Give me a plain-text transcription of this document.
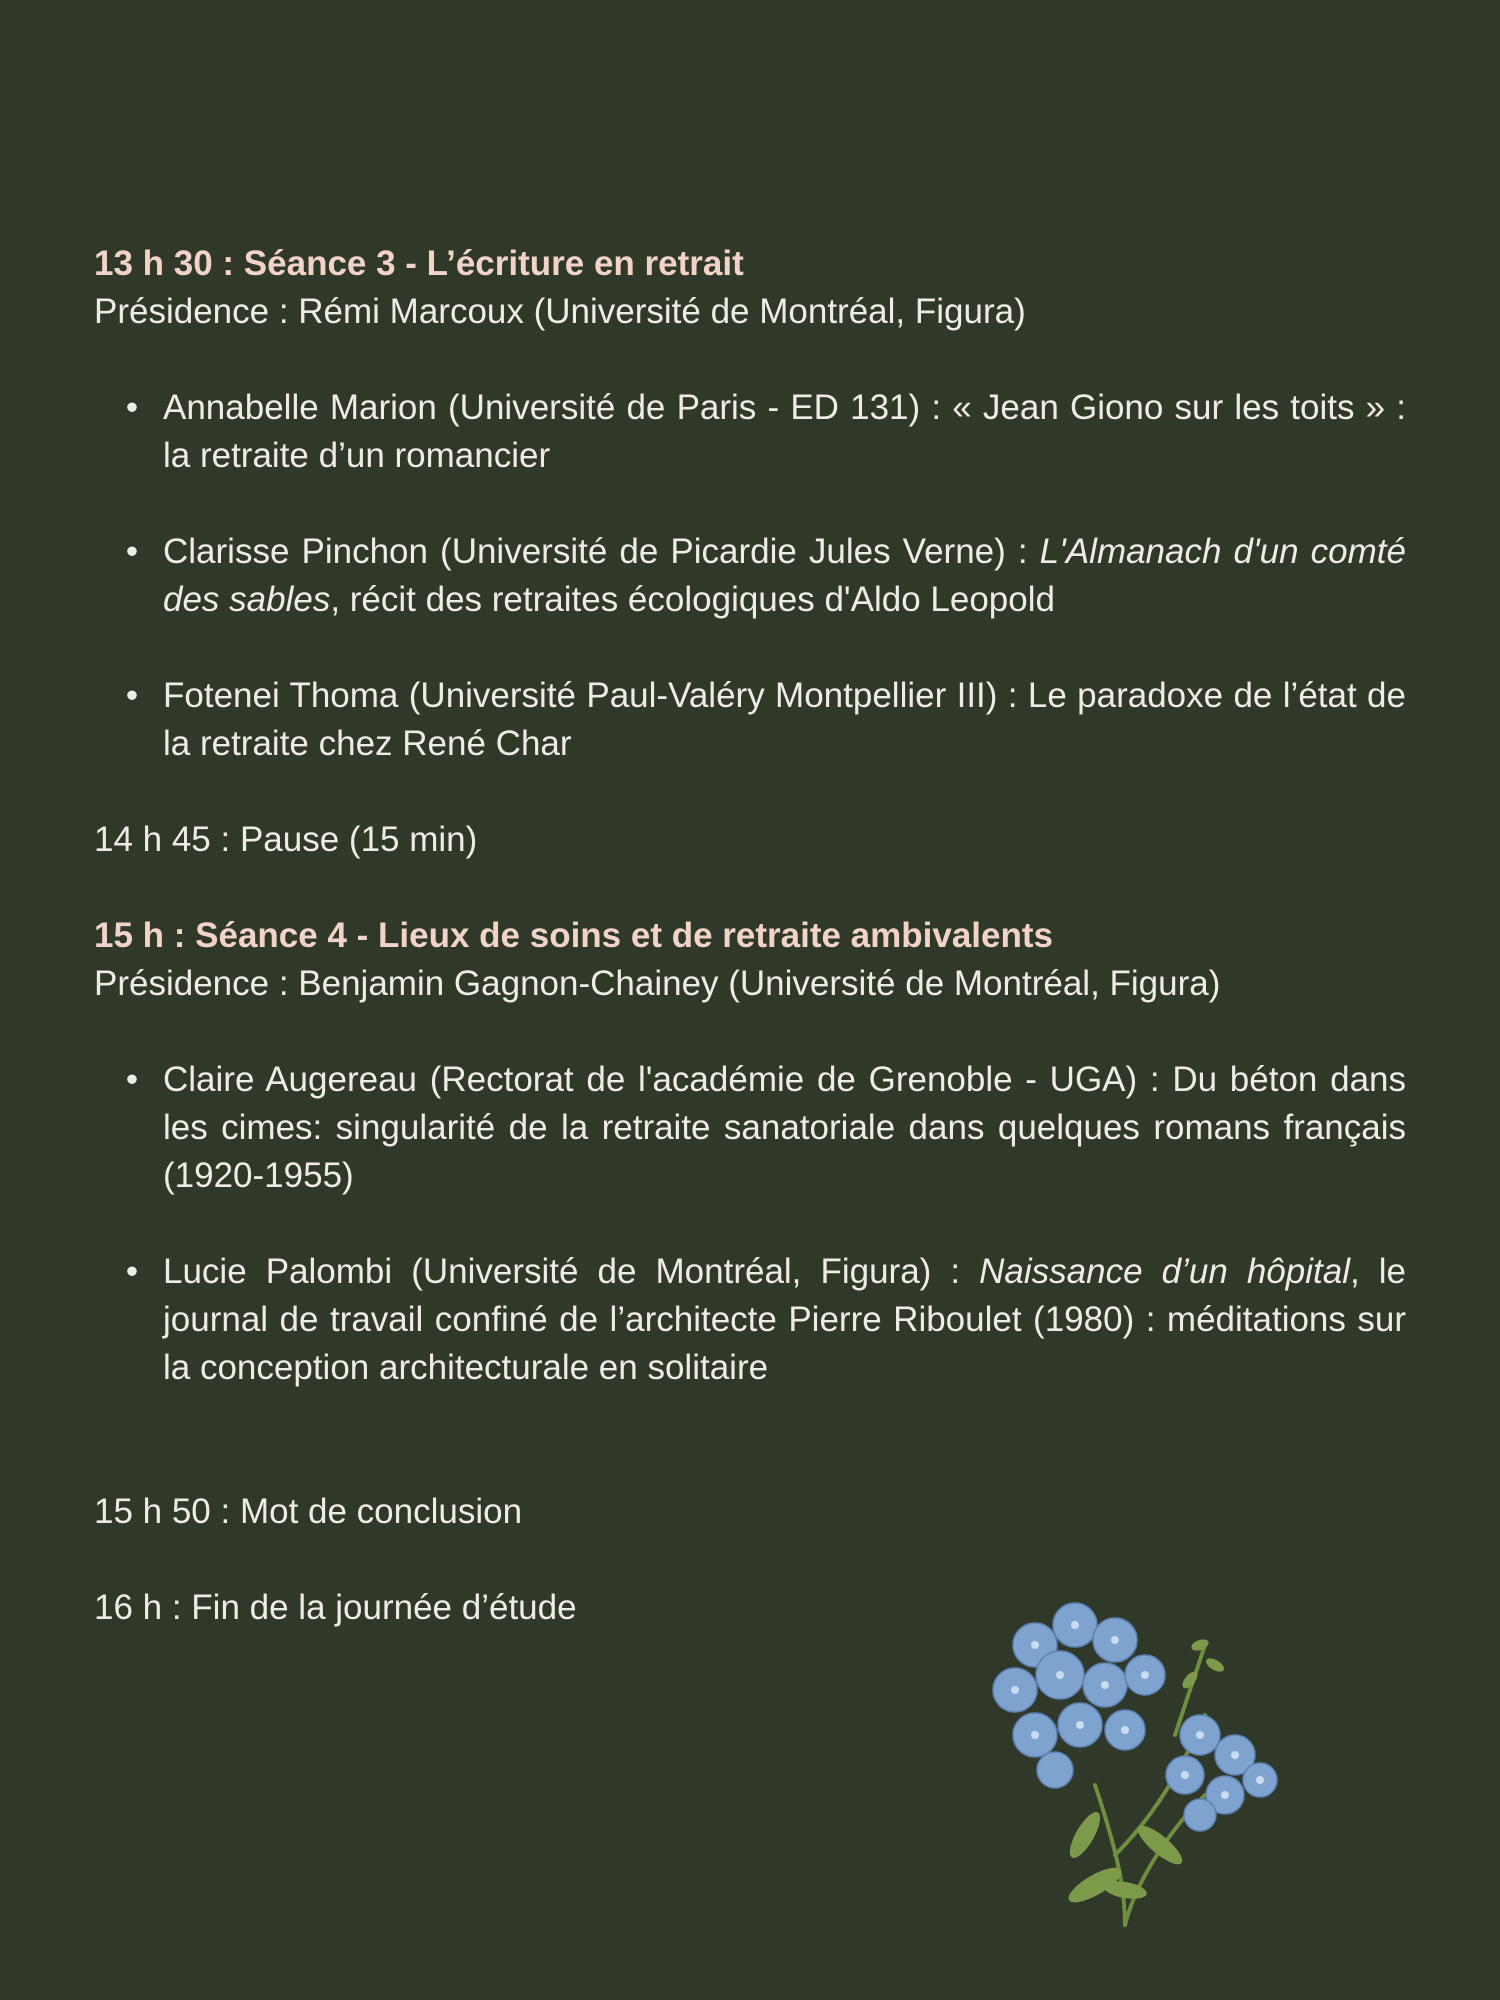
13 h 30 : Séance 3 - L’écriture en retrait

Présidence : Rémi Marcoux (Université de Montréal, Figura)

• Annabelle Marion (Université de Paris - ED 131) : « Jean Giono sur les toits » : la retraite d’un romancier
• Clarisse Pinchon (Université de Picardie Jules Verne) : L'Almanach d'un comté des sables, récit des retraites écologiques d'Aldo Leopold
• Fotenei Thoma (Université Paul-Valéry Montpellier III) : Le paradoxe de l’état de la retraite chez René Char

14 h 45 : Pause (15 min)

15 h : Séance 4 - Lieux de soins et de retraite ambivalents

Présidence : Benjamin Gagnon-Chainey (Université de Montréal, Figura)

• Claire Augereau (Rectorat de l'académie de Grenoble - UGA) : Du béton dans les cimes: singularité de la retraite sanatoriale dans quelques romans français (1920-1955)
• Lucie Palombi (Université de Montréal, Figura) : Naissance d’un hôpital, le journal de travail confiné de l’architecte Pierre Riboulet (1980) : méditations sur la conception architecturale en solitaire

15 h 50 : Mot de conclusion

16 h : Fin de la journée d’étude
